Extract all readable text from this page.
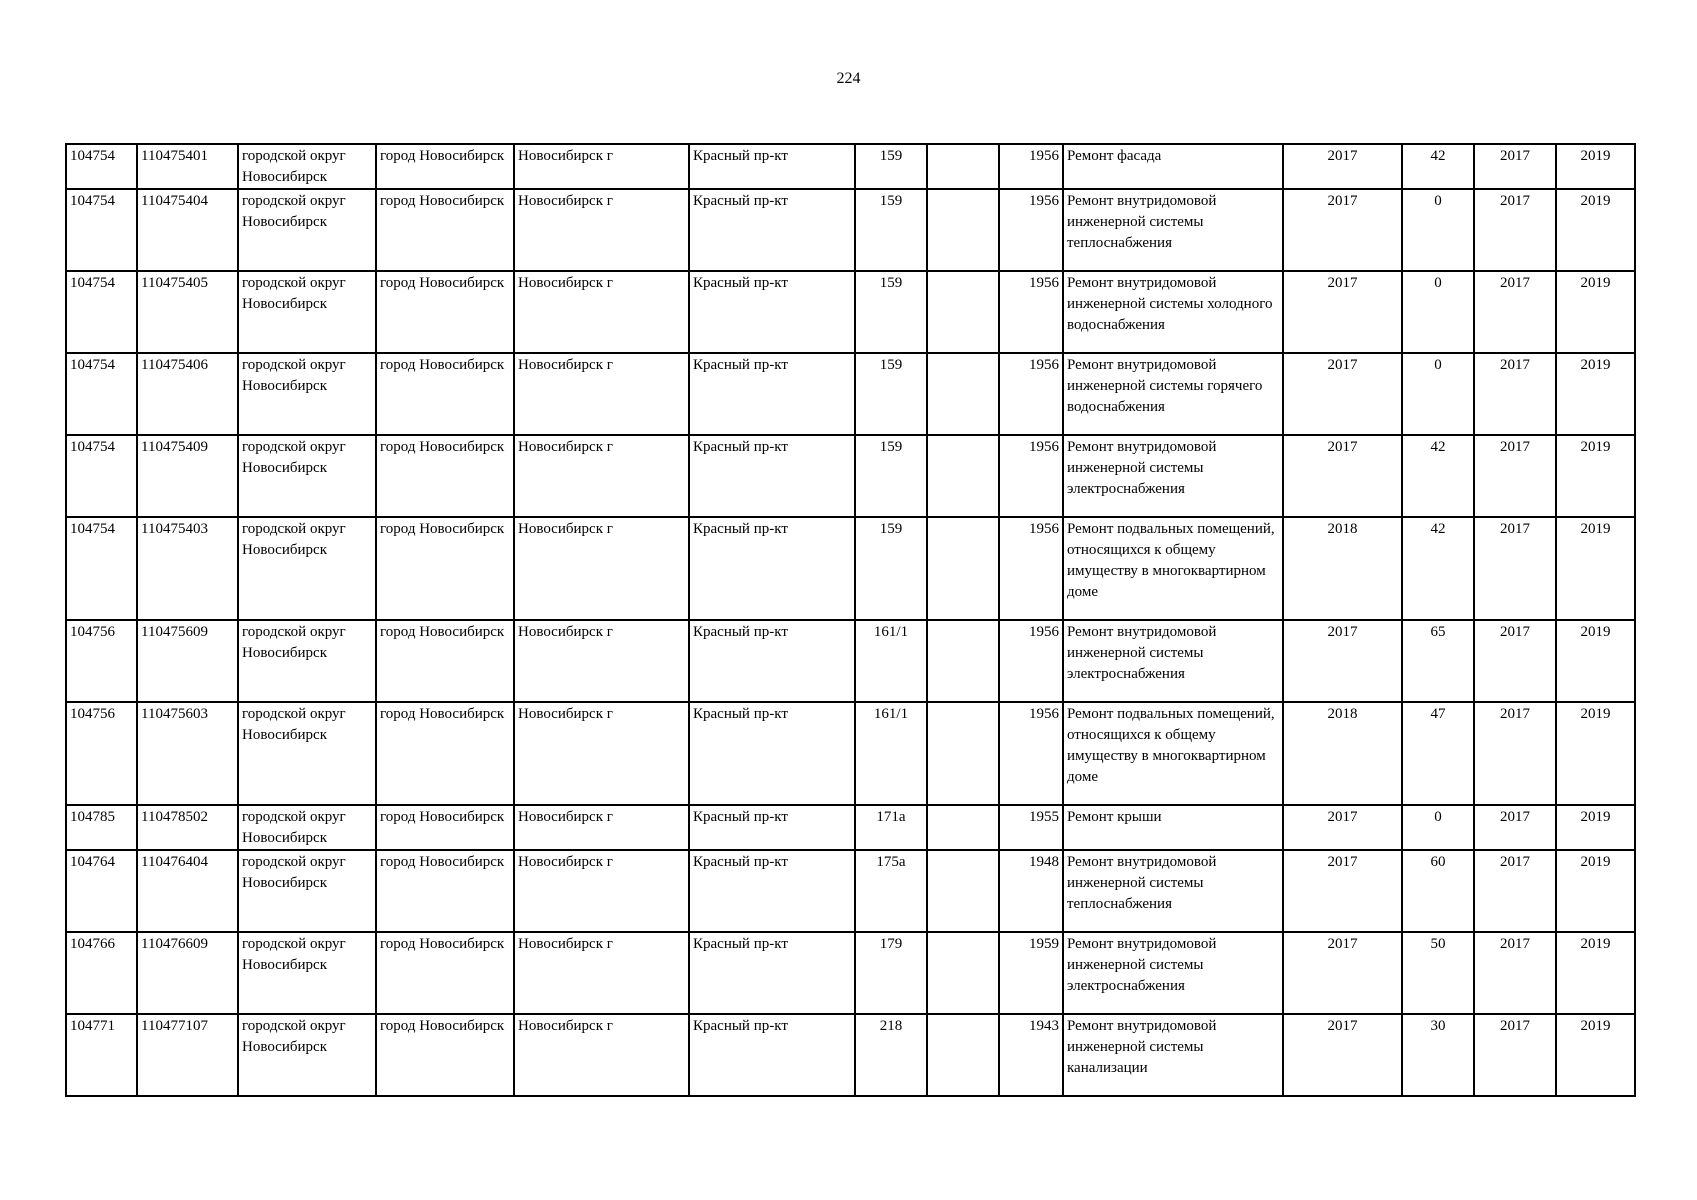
224
104754	110475401	городской округ Новосибирск	город Новосибирск	Новосибирск г	Красный пр-кт	159		1956	Ремонт фасада	2017	42	2017	2019
104754	110475404	городской округ Новосибирск	город Новосибирск	Новосибирск г	Красный пр-кт	159		1956	Ремонт внутридомовой инженерной системы теплоснабжения	2017	0	2017	2019
104754	110475405	городской округ Новосибирск	город Новосибирск	Новосибирск г	Красный пр-кт	159		1956	Ремонт внутридомовой инженерной системы холодного водоснабжения	2017	0	2017	2019
104754	110475406	городской округ Новосибирск	город Новосибирск	Новосибирск г	Красный пр-кт	159		1956	Ремонт внутридомовой инженерной системы горячего водоснабжения	2017	0	2017	2019
104754	110475409	городской округ Новосибирск	город Новосибирск	Новосибирск г	Красный пр-кт	159		1956	Ремонт внутридомовой инженерной системы электроснабжения	2017	42	2017	2019
104754	110475403	городской округ Новосибирск	город Новосибирск	Новосибирск г	Красный пр-кт	159		1956	Ремонт подвальных помещений, относящихся к общему имуществу в многоквартирном доме	2018	42	2017	2019
104756	110475609	городской округ Новосибирск	город Новосибирск	Новосибирск г	Красный пр-кт	161/1		1956	Ремонт внутридомовой инженерной системы электроснабжения	2017	65	2017	2019
104756	110475603	городской округ Новосибирск	город Новосибирск	Новосибирск г	Красный пр-кт	161/1		1956	Ремонт подвальных помещений, относящихся к общему имуществу в многоквартирном доме	2018	47	2017	2019
104785	110478502	городской округ Новосибирск	город Новосибирск	Новосибирск г	Красный пр-кт	171а		1955	Ремонт крыши	2017	0	2017	2019
104764	110476404	городской округ Новосибирск	город Новосибирск	Новосибирск г	Красный пр-кт	175а		1948	Ремонт внутридомовой инженерной системы теплоснабжения	2017	60	2017	2019
104766	110476609	городской округ Новосибирск	город Новосибирск	Новосибирск г	Красный пр-кт	179		1959	Ремонт внутридомовой инженерной системы электроснабжения	2017	50	2017	2019
104771	110477107	городской округ Новосибирск	город Новосибирск	Новосибирск г	Красный пр-кт	218		1943	Ремонт внутридомовой инженерной системы канализации	2017	30	2017	2019
